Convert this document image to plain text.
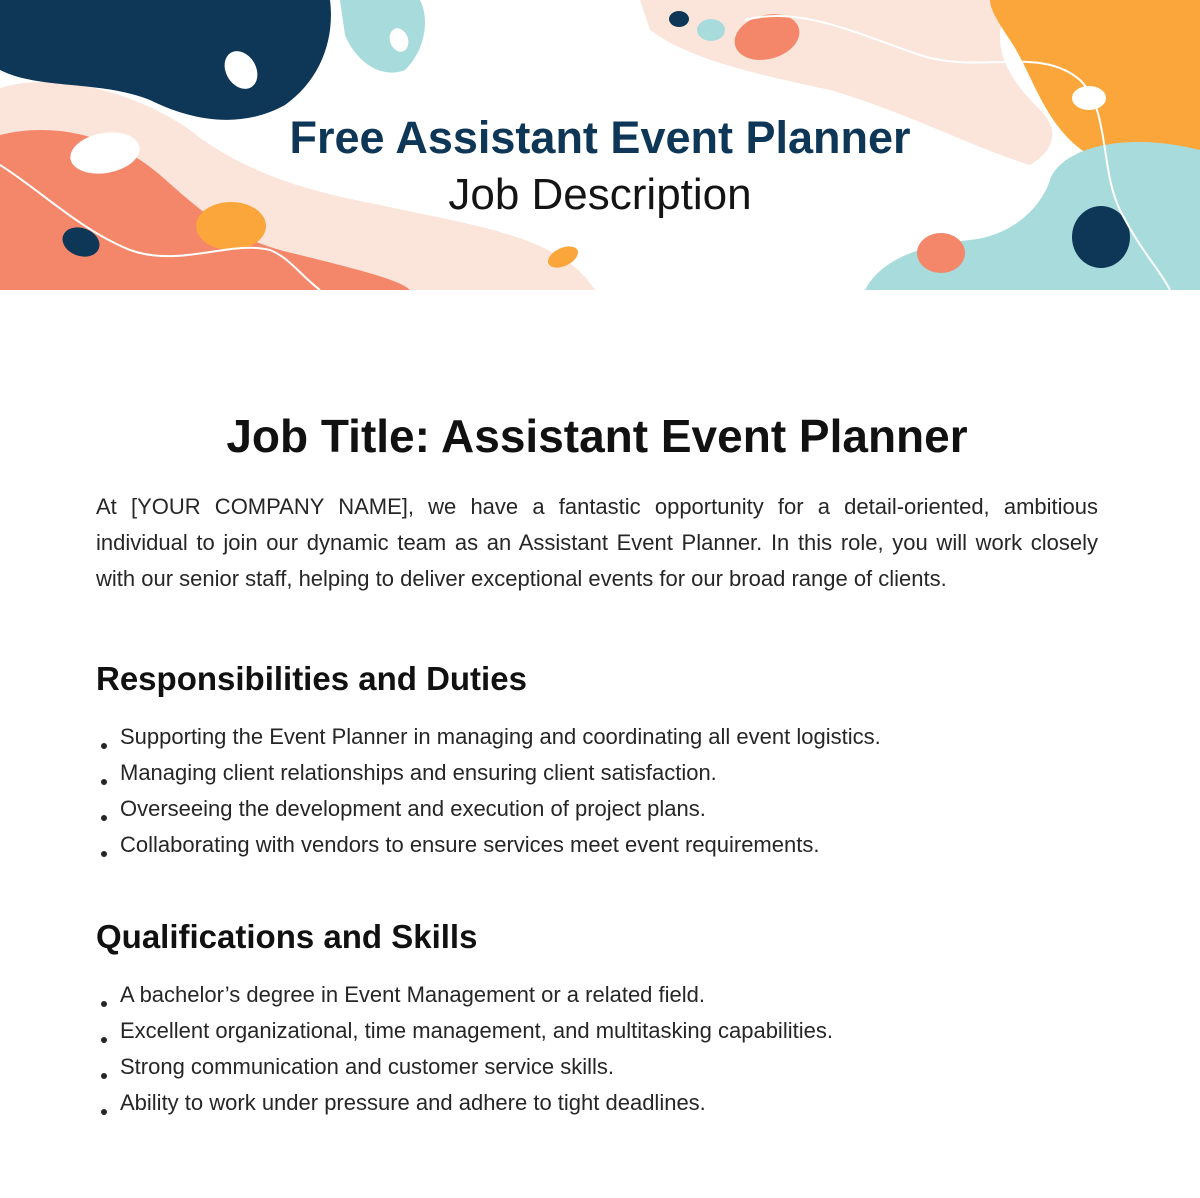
Free Assistant Event Planner
Job Description
Job Title: Assistant Event Planner

At [YOUR COMPANY NAME], we have a fantastic opportunity for a detail-oriented, ambitious individual to join our dynamic team as an Assistant Event Planner. In this role, you will work closely with our senior staff, helping to deliver exceptional events for our broad range of clients.

Responsibilities and Duties
Supporting the Event Planner in managing and coordinating all event logistics.
Managing client relationships and ensuring client satisfaction.
Overseeing the development and execution of project plans.
Collaborating with vendors to ensure services meet event requirements.
Qualifications and Skills
A bachelor’s degree in Event Management or a related field.
Excellent organizational, time management, and multitasking capabilities.
Strong communication and customer service skills.
Ability to work under pressure and adhere to tight deadlines.
